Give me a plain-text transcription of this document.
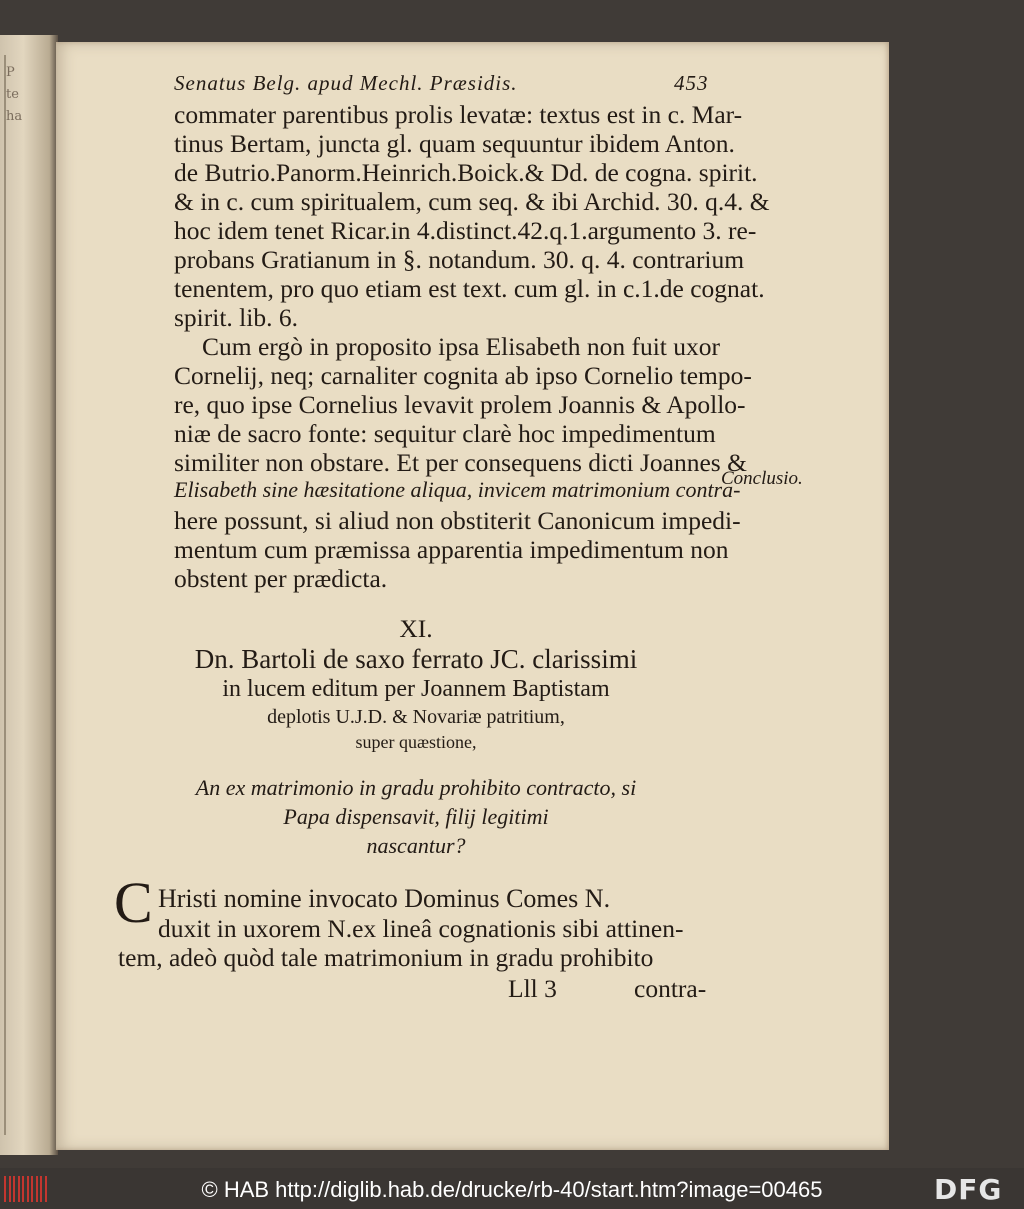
P
te
ha
Senatus Belg. apud Mechl. Præsidis.	453
commater parentibus prolis levatæ: textus est in c. Mar-
tinus Bertam, juncta gl. quam sequuntur ibidem Anton.
de Butrio.Panorm.Heinrich.Boick.& Dd. de cogna. spirit.
& in c. cum spiritualem, cum seq. & ibi Archid. 30. q.4. &
hoc idem tenet Ricar.in 4.distinct.42.q.1.argumento 3. re-
probans Gratianum in §. notandum. 30. q. 4. contrarium
tenentem, pro quo etiam est text. cum gl. in c.1.de cognat.
spirit. lib. 6.
Cum ergò in proposito ipsa Elisabeth non fuit uxor
Cornelij, neq; carnaliter cognita ab ipso Cornelio tempo-
re, quo ipse Cornelius levavit prolem Joannis & Apollo-
niæ de sacro fonte: sequitur clarè hoc impedimentum
similiter non obstare. Et per consequens dicti Joannes &
Elisabeth sine hæsitatione aliqua, invicem matrimonium contra-
here possunt, si aliud non obstiterit Canonicum impedi-
mentum cum præmissa apparentia impedimentum non
obstent per prædicta.
Conclusio.
XI.
Dn. Bartoli de saxo ferrato JC. clarissimi
in lucem editum per Joannem Baptistam
deplotis U.J.D. & Novariæ patritium,
super quæstione,
An ex matrimonio in gradu prohibito contracto, si
Papa dispensavit, filij legitimi
nascantur?
C Hristi nomine invocato Dominus Comes N.
duxit in uxorem N.ex lineâ cognationis sibi attinen-
tem, adeò quòd tale matrimonium in gradu prohibito
Lll 3	contra-
© HAB http://diglib.hab.de/drucke/rb-40/start.htm?image=00465	DFG
